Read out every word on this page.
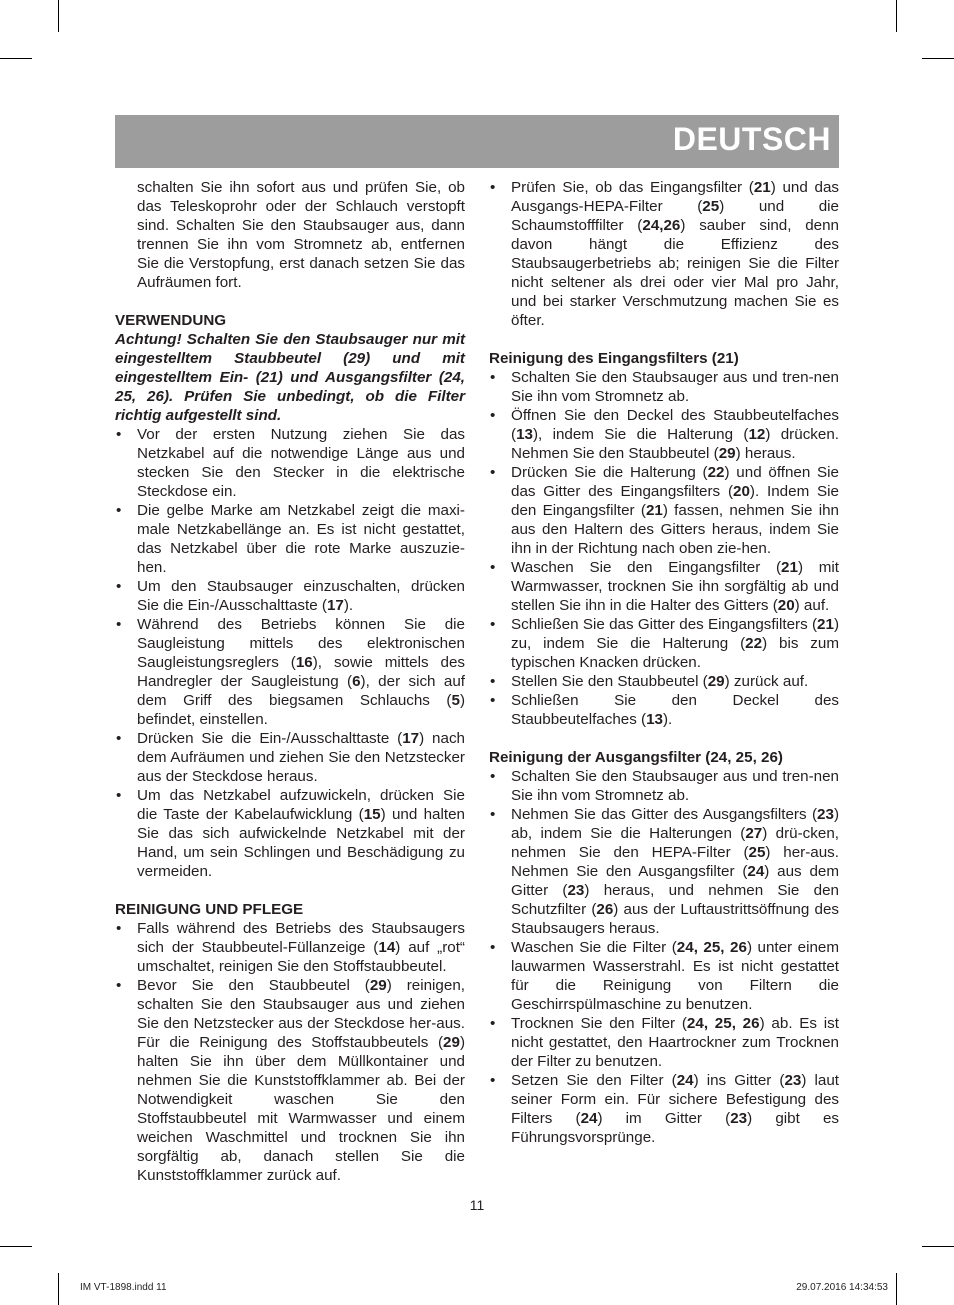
DEUTSCH

schalten Sie ihn sofort aus und prüfen Sie, ob das Teleskoprohr oder der Schlauch verstopft sind. Schalten Sie den Staubsauger aus, dann trennen Sie ihn vom Stromnetz ab, entfernen Sie die Verstopfung, erst danach setzen Sie das Aufräumen fort.

VERWENDUNG

Achtung! Schalten Sie den Staubsauger nur mit eingestelltem Staubbeutel (29) und mit eingestelltem Ein- (21) und Ausgangsfilter (24, 25, 26). Prüfen Sie unbedingt, ob die Filter richtig aufgestellt sind.

• Vor der ersten Nutzung ziehen Sie das Netzkabel auf die notwendige Länge aus und stecken Sie den Stecker in die elektrische Steckdose ein.
• Die gelbe Marke am Netzkabel zeigt die maxi-male Netzkabellänge an. Es ist nicht gestattet, das Netzkabel über die rote Marke auszuzie-hen.
• Um den Staubsauger einzuschalten, drücken Sie die Ein-/Ausschalttaste (17).
• Während des Betriebs können Sie die Saugleistung mittels des elektronischen Saugleistungsreglers (16), sowie mittels des Handregler der Saugleistung (6), der sich auf dem Griff des biegsamen Schlauchs (5) befindet, einstellen.
• Drücken Sie die Ein-/Ausschalttaste (17) nach dem Aufräumen und ziehen Sie den Netzstecker aus der Steckdose heraus.
• Um das Netzkabel aufzuwickeln, drücken Sie die Taste der Kabelaufwicklung (15) und halten Sie das sich aufwickelnde Netzkabel mit der Hand, um sein Schlingen und Beschädigung zu vermeiden.

REINIGUNG UND PFLEGE

• Falls während des Betriebs des Staubsaugers sich der Staubbeutel-Füllanzeige (14) auf „rot“ umschaltet, reinigen Sie den Stoffstaubbeutel.
• Bevor Sie den Staubbeutel (29) reinigen, schalten Sie den Staubsauger aus und ziehen Sie den Netzstecker aus der Steckdose her-aus. Für die Reinigung des Stoffstaubbeutels (29) halten Sie ihn über dem Müllkontainer und nehmen Sie die Kunststoffklammer ab. Bei der Notwendigkeit waschen Sie den Stoffstaubbeutel mit Warmwasser und einem weichen Waschmittel und trocknen Sie ihn sorgfältig ab, danach stellen Sie die Kunststoffklammer zurück auf.
• Prüfen Sie, ob das Eingangsfilter (21) und das Ausgangs-HEPA-Filter (25) und die Schaumstofffilter (24,26) sauber sind, denn davon hängt die Effizienz des Staubsaugerbetriebs ab; reinigen Sie die Filter nicht seltener als drei oder vier Mal pro Jahr, und bei starker Verschmutzung machen Sie es öfter.

Reinigung des Eingangsfilters (21)

• Schalten Sie den Staubsauger aus und tren-nen Sie ihn vom Stromnetz ab.
• Öffnen Sie den Deckel des Staubbeutelfaches (13), indem Sie die Halterung (12) drücken. Nehmen Sie den Staubbeutel (29) heraus.
• Drücken Sie die Halterung (22) und öffnen Sie das Gitter des Eingangsfilters (20). Indem Sie den Eingangsfilter (21) fassen, nehmen Sie ihn aus den Haltern des Gitters heraus, indem Sie ihn in der Richtung nach oben zie-hen.
• Waschen Sie den Eingangsfilter (21) mit Warmwasser, trocknen Sie ihn sorgfältig ab und stellen Sie ihn in die Halter des Gitters (20) auf.
• Schließen Sie das Gitter des Eingangsfilters (21) zu, indem Sie die Halterung (22) bis zum typischen Knacken drücken.
• Stellen Sie den Staubbeutel (29) zurück auf.
• Schließen Sie den Deckel des Staubbeutelfaches (13).

Reinigung der Ausgangsfilter (24, 25, 26)

• Schalten Sie den Staubsauger aus und tren-nen Sie ihn vom Stromnetz ab.
• Nehmen Sie das Gitter des Ausgangsfilters (23) ab, indem Sie die Halterungen (27) drü-cken, nehmen Sie den HEPA-Filter (25) her-aus. Nehmen Sie den Ausgangsfilter (24) aus dem Gitter (23) heraus, und nehmen Sie den Schutzfilter (26) aus der Luftaustrittsöffnung des Staubsaugers heraus.
• Waschen Sie die Filter (24, 25, 26) unter einem lauwarmen Wasserstrahl. Es ist nicht gestattet für die Reinigung von Filtern die Geschirrspülmaschine zu benutzen.
• Trocknen Sie den Filter (24, 25, 26) ab. Es ist nicht gestattet, den Haartrockner zum Trocknen der Filter zu benutzen.
• Setzen Sie den Filter (24) ins Gitter (23) laut seiner Form ein. Für sichere Befestigung des Filters (24) im Gitter (23) gibt es Führungsvorsprünge.
11
IM VT-1898.indd 11	29.07.2016 14:34:53
